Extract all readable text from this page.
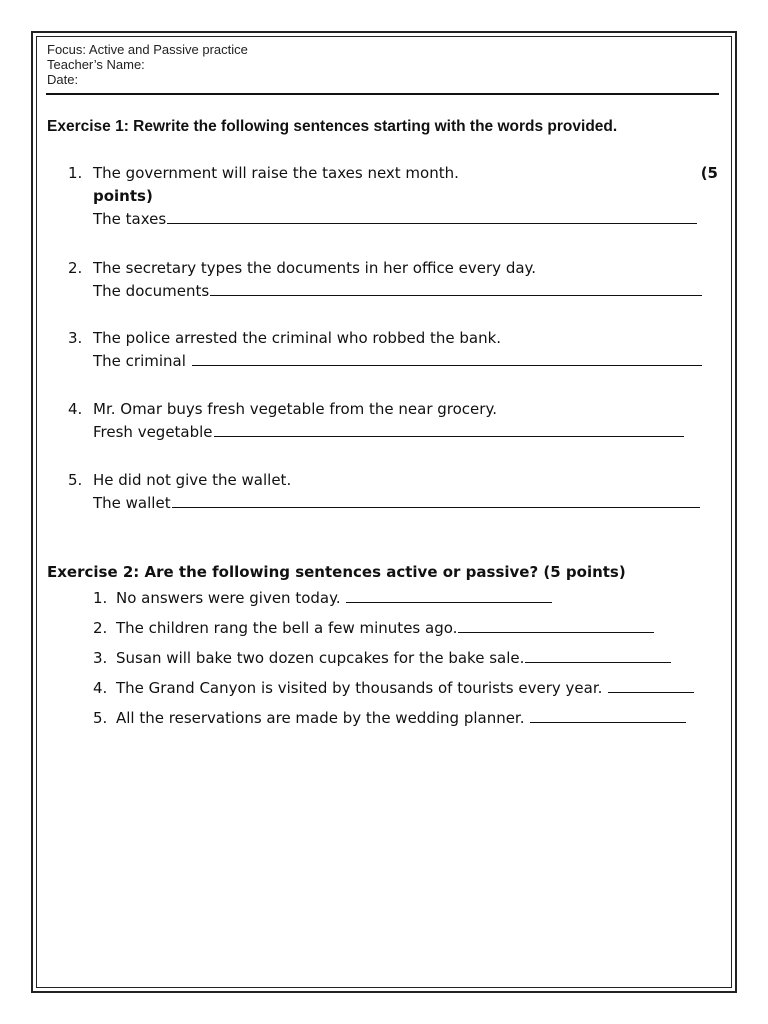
Focus: Active and Passive practice
Teacher’s Name:
Date:
Exercise 1: Rewrite the following sentences starting with the words provided.
1. The government will raise the taxes next month.	(5
points)
The taxes
2. The secretary types the documents in her office every day.
The documents
3. The police arrested the criminal who robbed the bank.
The criminal
4. Mr. Omar buys fresh vegetable from the near grocery.
Fresh vegetable
5. He did not give the wallet.
The wallet
Exercise 2: Are the following sentences active or passive? (5 points)
1. No answers were given today.
2. The children rang the bell a few minutes ago.
3. Susan will bake two dozen cupcakes for the bake sale.
4. The Grand Canyon is visited by thousands of tourists every year.
5. All the reservations are made by the wedding planner.
